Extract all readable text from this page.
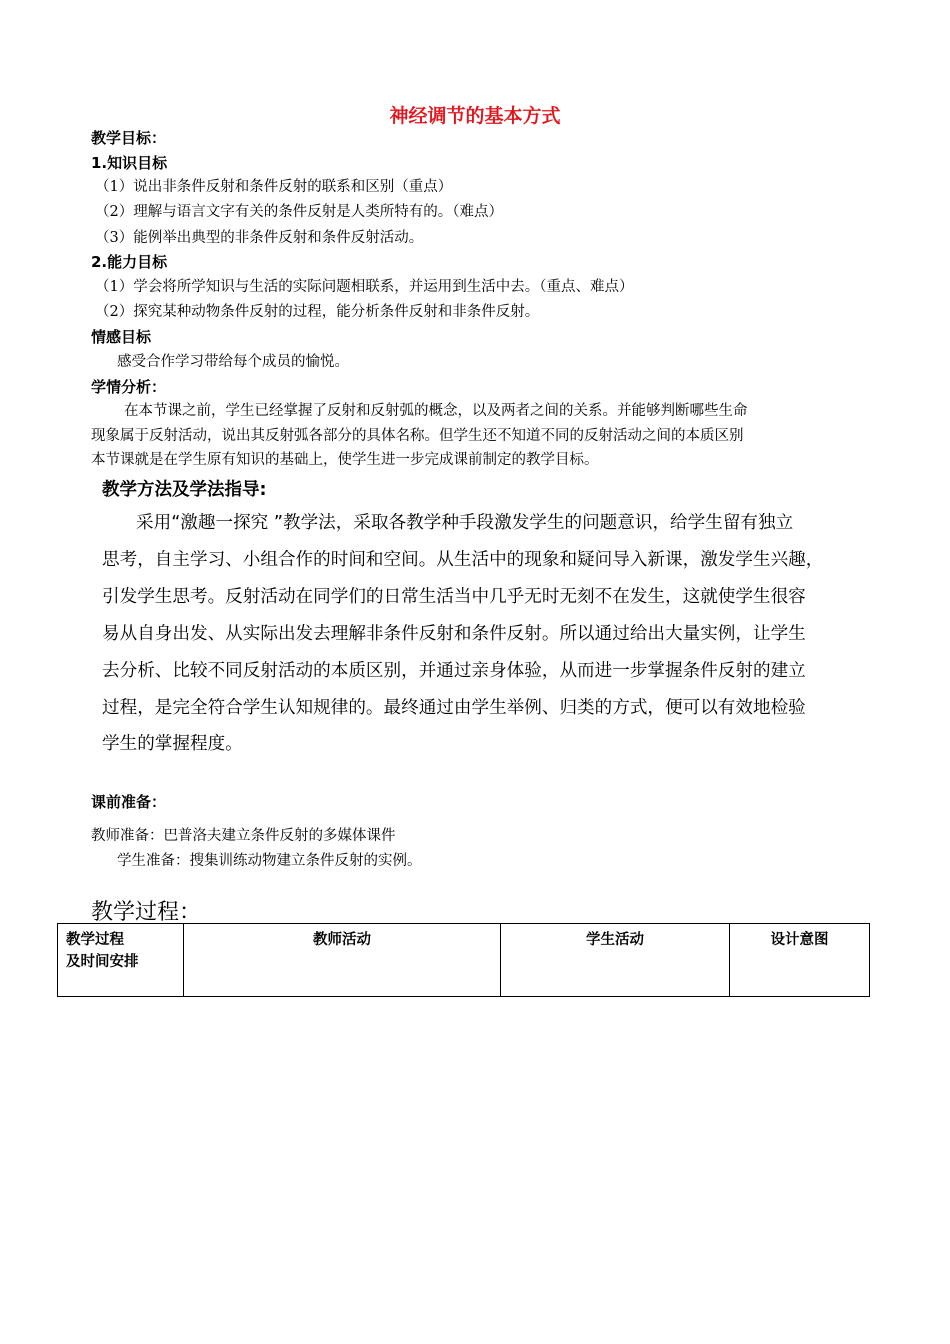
神经调节的基本方式
教学目标：
1.知识目标
（1）说出非条件反射和条件反射的联系和区别（重点）
（2）理解与语言文字有关的条件反射是人类所特有的。（难点）
（3）能例举出典型的非条件反射和条件反射活动。
2.能力目标
（1）学会将所学知识与生活的实际问题相联系，并运用到生活中去。（重点、难点）
（2）探究某种动物条件反射的过程，能分析条件反射和非条件反射。
情感目标
感受合作学习带给每个成员的愉悦。
学情分析：

在本节课之前，学生已经掌握了反射和反射弧的概念，以及两者之间的关系。并能够判断哪些生命

现象属于反射活动，说出其反射弧各部分的具体名称。但学生还不知道不同的反射活动之间的本质区别

本节课就是在学生原有知识的基础上，使学生进一步完成课前制定的教学目标。

教学方法及学法指导:

采用“激趣一探究 ”教学法，采取各教学种手段激发学生的问题意识，给学生留有独立

思考，自主学习、小组合作的时间和空间。从生活中的现象和疑问导入新课，激发学生兴趣，

引发学生思考。反射活动在同学们的日常生活当中几乎无时无刻不在发生，这就使学生很容

易从自身出发、从实际出发去理解非条件反射和条件反射。所以通过给出大量实例，让学生

去分析、比较不同反射活动的本质区别，并通过亲身体验，从而进一步掌握条件反射的建立

过程，是完全符合学生认知规律的。最终通过由学生举例、归类的方式，便可以有效地检验

学生的掌握程度。

课前准备：
教师准备：巴普洛夫建立条件反射的多媒体课件
学生准备：搜集训练动物建立条件反射的实例。
教学过程：
教学过程
及时间安排	教师活动	学生活动	设计意图
